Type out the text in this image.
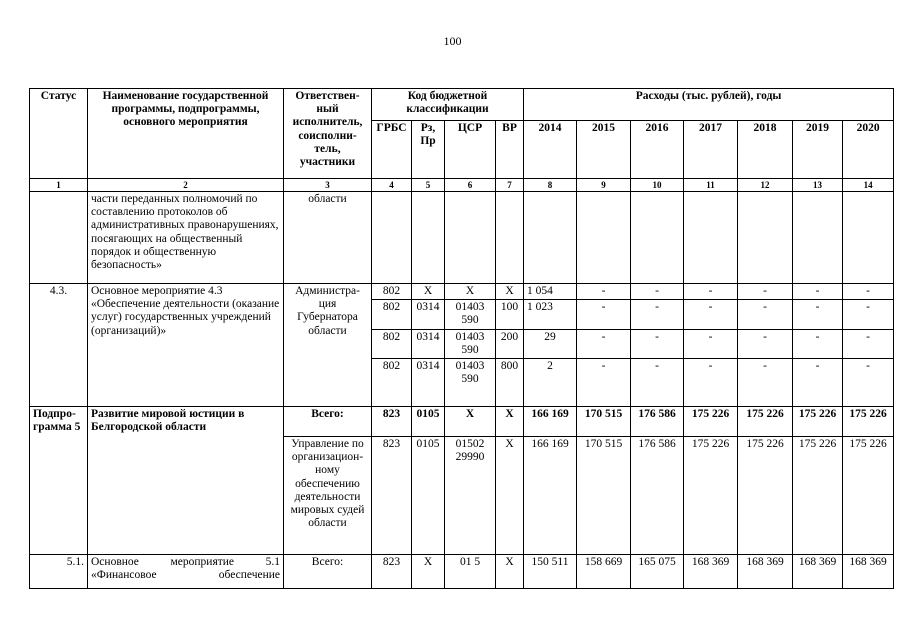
100
Статус	Наименование государственной программы, подпрограммы, основного мероприятия	Ответствен-ный исполнитель, соисполни-тель, участники	Код бюджетной классификации				Расходы (тыс. рублей), годы						
			ГРБС	Рз, Пр	ЦСР	ВР	2014	2015	2016	2017	2018	2019	2020
1	2	3	4	5	6	7	8	9	10	11	12	13	14
	части переданных полномочий по составлению протоколов об административных правонарушениях, посягающих на общественный порядок и общественную безопасность»	области											
4.3.	Основное мероприятие 4.3 «Обеспечение деятельности (оказание услуг) государственных учреждений (организаций)»	Администра-ция Губернатора области	802	Х	Х	Х	1 054	-	-	-	-	-	-
			802	0314	01403 590	100	1 023	-	-	-	-	-	-
			802	0314	01403 590	200	29	-	-	-	-	-	-
			802	0314	01403 590	800	2	-	-	-	-	-	-
Подпро-грамма 5	Развитие мировой юстиции в Белгородской области	Всего:	823	0105	Х	Х	166 169	170 515	176 586	175 226	175 226	175 226	175 226
		Управление по организацион-ному обеспечению деятельности мировых судей области	823	0105	01502 29990	Х	166 169	170 515	176 586	175 226	175 226	175 226	175 226
5.1.	Основное мероприятие 5.1 «Финансовое обеспечение	Всего:	823	Х	01 5	Х	150 511	158 669	165 075	168 369	168 369	168 369	168 369
